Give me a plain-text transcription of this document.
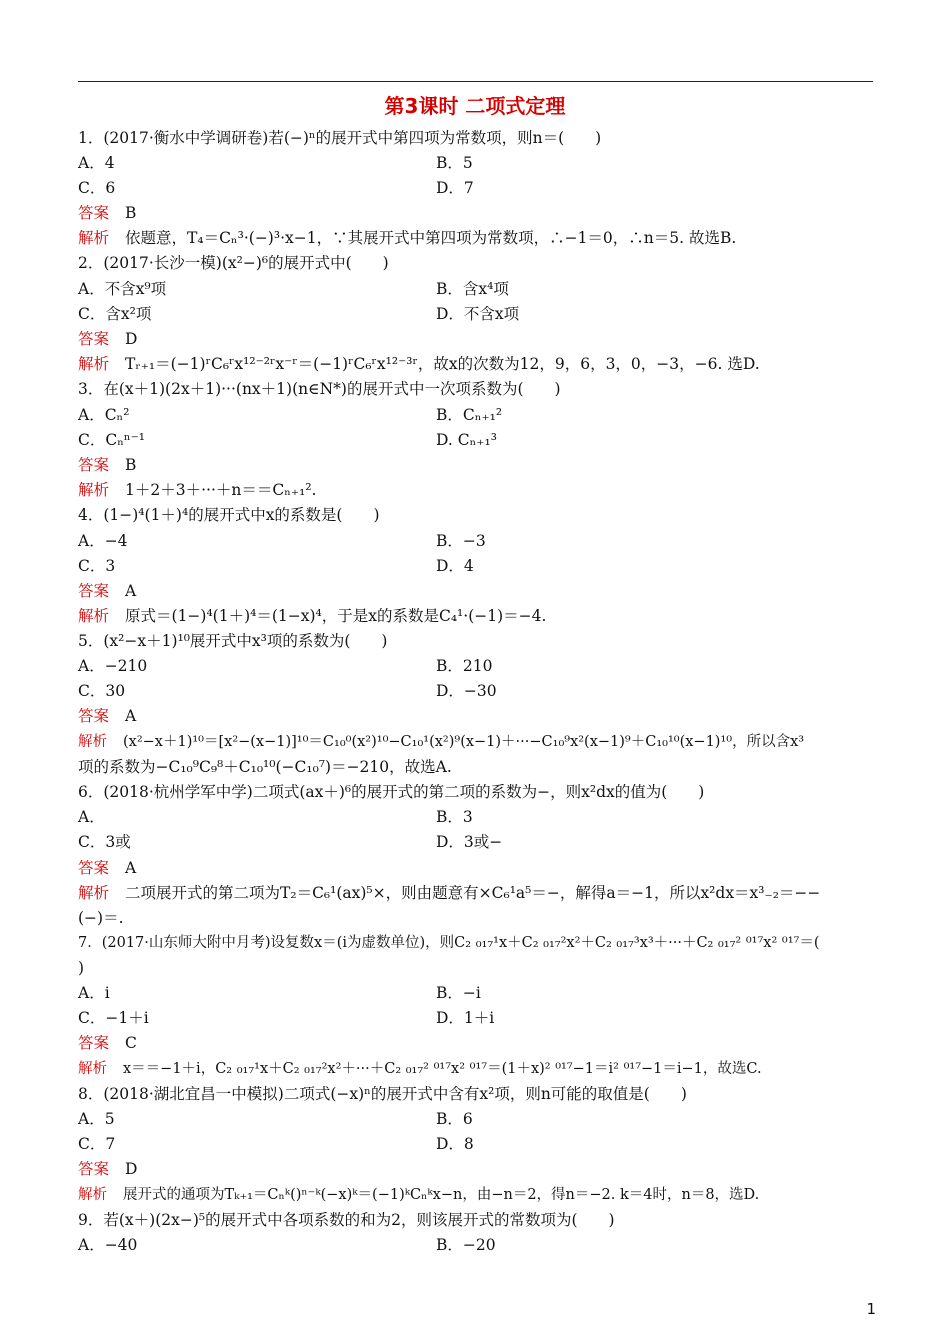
第3课时 二项式定理
1．(2017·衡水中学调研卷)若(−)ⁿ的展开式中第四项为常数项，则n＝(　　)
A．4	B．5
C．6	D．7
答案 B
解析 依题意，T₄＝Cₙ³·(−)³·x−1，∵其展开式中第四项为常数项，∴−1＝0，∴n＝5. 故选B.
2．(2017·长沙一模)(x²−)⁶的展开式中(　　)
A．不含x⁹项	B．含x⁴项
C．含x²项	D．不含x项
答案 D
解析 Tᵣ₊₁＝(−1)ʳC₆ʳx¹²⁻²ʳx⁻ʳ＝(−1)ʳC₆ʳx¹²⁻³ʳ，故x的次数为12，9，6，3，0，−3，−6. 选D.
3．在(x＋1)(2x＋1)···(nx＋1)(n∈N*)的展开式中一次项系数为(　　)
A．Cₙ²	B．Cₙ₊₁²
C．Cₙⁿ⁻¹	D. Cₙ₊₁³
答案 B
解析 1＋2＋3＋···＋n＝＝Cₙ₊₁².
4．(1−)⁴(1＋)⁴的展开式中x的系数是(　　)
A．−4	B．−3
C．3	D．4
答案 A
解析 原式＝(1−)⁴(1＋)⁴＝(1−x)⁴，于是x的系数是C₄¹·(−1)＝−4.
5．(x²−x＋1)¹⁰展开式中x³项的系数为(　　)
A．−210	B．210
C．30	D．−30
答案 A
解析 (x²−x＋1)¹⁰＝[x²−(x−1)]¹⁰＝C₁₀⁰(x²)¹⁰−C₁₀¹(x²)⁹(x−1)＋···−C₁₀⁹x²(x−1)⁹＋C₁₀¹⁰(x−1)¹⁰，所以含x³
项的系数为−C₁₀⁹C₉⁸＋C₁₀¹⁰(−C₁₀⁷)＝−210，故选A.
6．(2018·杭州学军中学)二项式(ax＋)⁶的展开式的第二项的系数为−，则x²dx的值为(　　)
A．	B．3
C．3或	D．3或−
答案 A
解析 二项展开式的第二项为T₂＝C₆¹(ax)⁵×，则由题意有×C₆¹a⁵＝−，解得a＝−1，所以x²dx＝x³₋₂＝−−
(−)＝.
7．(2017·山东师大附中月考)设复数x＝(i为虚数单位)，则C₂ ₀₁₇¹x＋C₂ ₀₁₇²x²＋C₂ ₀₁₇³x³＋···＋C₂ ₀₁₇² ⁰¹⁷x² ⁰¹⁷＝(
)
A．i	B．−i
C．−1＋i	D．1＋i
答案 C
解析 x＝＝−1＋i，C₂ ₀₁₇¹x＋C₂ ₀₁₇²x²＋···＋C₂ ₀₁₇² ⁰¹⁷x² ⁰¹⁷＝(1＋x)² ⁰¹⁷−1＝i² ⁰¹⁷−1＝i−1，故选C.
8．(2018·湖北宜昌一中模拟)二项式(−x)ⁿ的展开式中含有x²项，则n可能的取值是(　　)
A．5	B．6
C．7	D．8
答案 D
解析 展开式的通项为Tₖ₊₁＝Cₙᵏ()ⁿ⁻ᵏ(−x)ᵏ＝(−1)ᵏCₙᵏx−n，由−n＝2，得n＝−2. k＝4时，n＝8，选D.
9．若(x＋)(2x−)⁵的展开式中各项系数的和为2，则该展开式的常数项为(　　)
A．−40	B．−20
1
